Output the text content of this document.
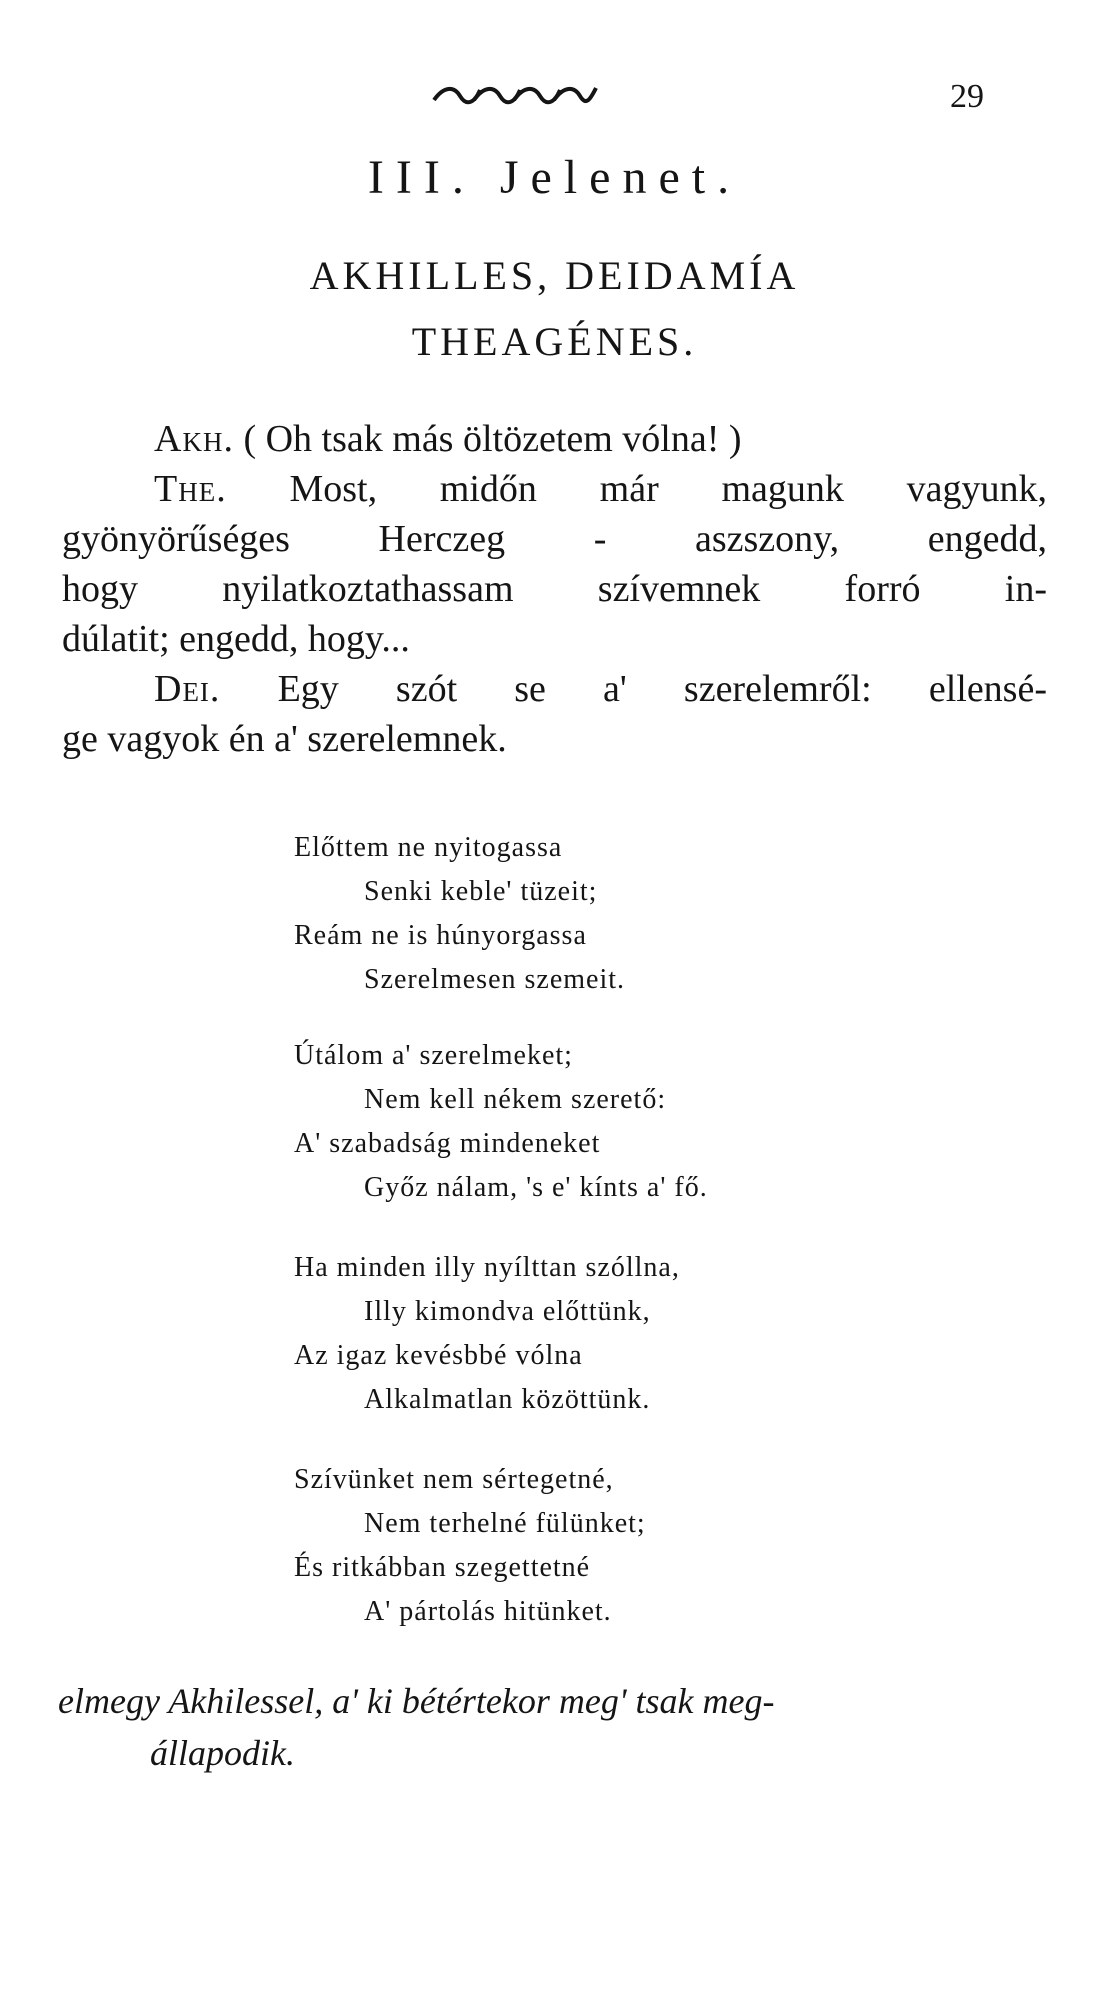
29
III. Jelenet.
AKHILLES, DEIDAMÍA
THEAGÉNES.
Akh. ( Oh tsak más öltözetem vólna! )
The. Most, midőn már magunk vagyunk,
gyönyörűséges Herczeg - aszszony, engedd,
hogy nyilatkoztathassam szívemnek forró in-
dúlatit; engedd, hogy...
Dei. Egy szót se a' szerelemről: ellensé-
ge vagyok én a' szerelemnek.
Előttem ne nyitogassa
Senki keble' tüzeit;
Reám ne is húnyorgassa
Szerelmesen szemeit.
Útálom a' szerelmeket;
Nem kell nékem szerető:
A' szabadság mindeneket
Győz nálam, 's e' kínts a' fő.
Ha minden illy nyílttan szóllna,
Illy kimondva előttünk,
Az igaz kevésbbé vólna
Alkalmatlan közöttünk.
Szívünket nem sértegetné,
Nem terhelné fülünket;
És ritkábban szegettetné
A' pártolás hitünket.
elmegy Akhilessel, a' ki bétértekor meg' tsak meg-
állapodik.
